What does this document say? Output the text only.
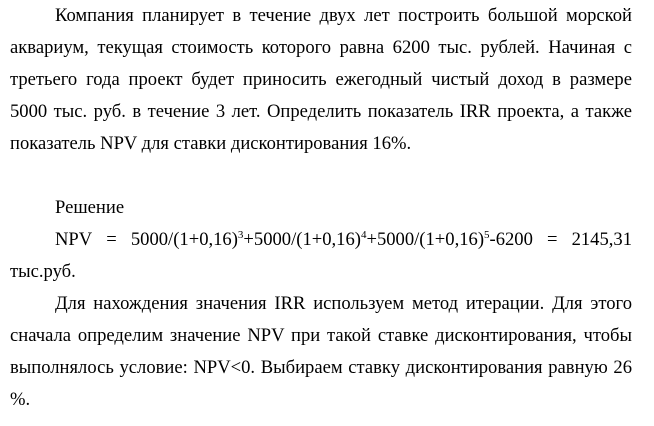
Компания планирует в течение двух лет построить большой морской аквариум, текущая стоимость которого равна 6200 тыс. рублей. Начиная с третьего года проект будет приносить ежегодный чистый доход в размере 5000 тыс. руб. в течение 3 лет. Определить показатель IRR проекта, а также показатель NPV для ставки дисконтирования 16%.

Решение

NPV = $5000/(1+0,16)^3+5000/(1+0,16)^4+5000/(1+0,16)^5-6200 = 2145,31$

тыс.руб.

Для нахождения значения IRR используем метод итерации. Для этого сначала определим значение NPV при такой ставке дисконтирования, чтобы выполнялось условие: NPV<0. Выбираем ставку дисконтирования равную 26 %.
